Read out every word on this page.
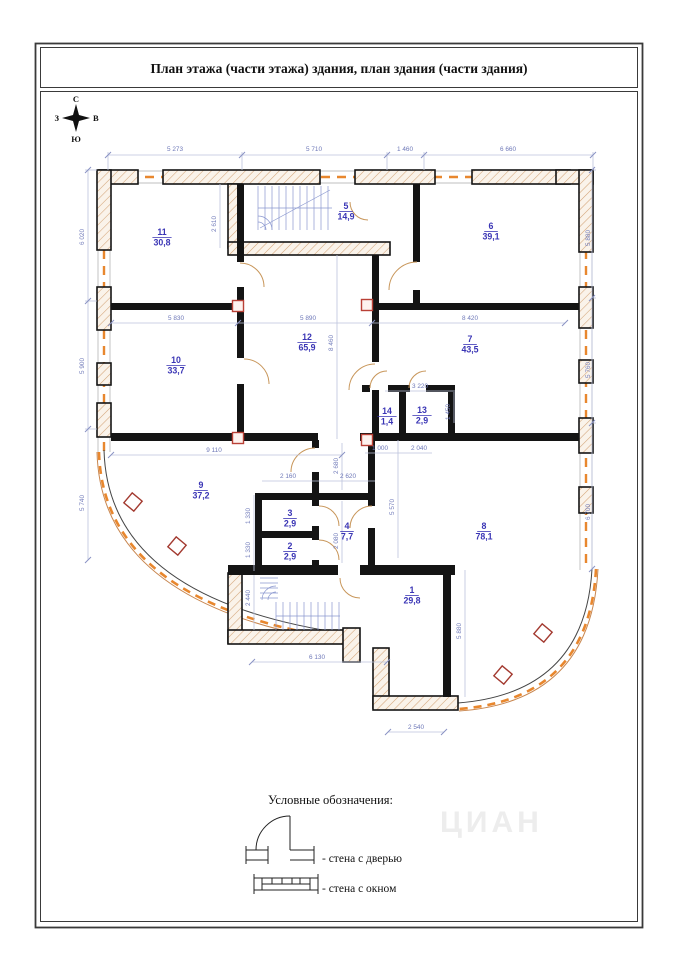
План этажа (части этажа) здания, план здания (части здания)
ЦИАН
С
Ю
З	В
5 273	5 710	1 460	6 660
6 020
5 900
5 740
5 880
5 760
6 700
2 610
5 830	5 890	8 420
8 460
3 220
1 450
1 000	2 040
9 110
2 160	2 620
2 680
5 570
1 330
1 330
2 080
2 440
6 130
5 880
2 540
1
29,8
2
2,9
3
2,9	4
7,7
5
14,9
6
39,1
7
43,5
8
78,1
9
37,2
10
33,7
11
30,8
12
65,9
13
2,9
14
1,4
Условные обозначения:
- стена с дверью
- стена с окном
